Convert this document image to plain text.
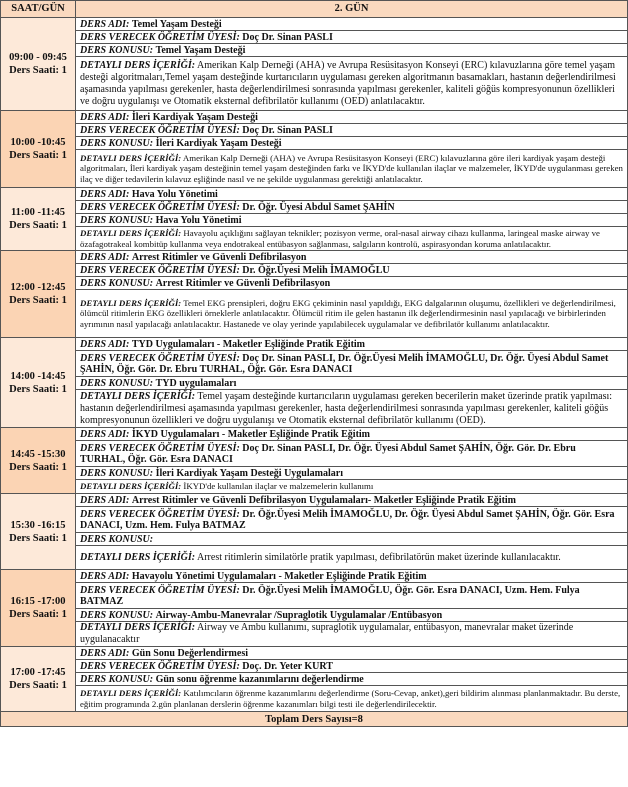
SAAT/GÜN	2. GÜN

09:00 - 09:45
Ders Saati: 1	DERS ADI: Temel Yaşam Desteği
	DERS VERECEK ÖĞRETİM ÜYESİ: Doç Dr. Sinan PASLI
	DERS KONUSU: Temel Yaşam Desteği
	DETAYLI DERS İÇERİĞİ: Amerikan Kalp Derneği (AHA) ve Avrupa Resüsitasyon Konseyi (ERC) kılavuzlarına göre temel yaşam desteği algoritmaları,Temel yaşam desteğinde kurtarıcıların uygulaması gereken algoritmanın basamakları, hastanın değerlendirilmesi aşamasında yapılması gerekenler, hasta değerlendirilmesi sonrasında yapılması gerekenler, kaliteli göğüs kompresyonunun özellikleri ve doğru uygulanışı ve Otomatik eksternal defibrilatör kullanımı (OED) anlatılacaktır.

10:00 -10:45
Ders Saati: 1	DERS ADI: İleri Kardiyak Yaşam Desteği
	DERS VERECEK ÖĞRETİM ÜYESİ: Doç Dr. Sinan PASLI
	DERS KONUSU: İleri Kardiyak Yaşam Desteği
	DETAYLI DERS İÇERİĞİ: Amerikan Kalp Derneği (AHA) ve Avrupa Resüsitasyon Konseyi (ERC) kılavuzlarına göre ileri kardiyak yaşam desteği algoritmaları, İleri kardiyak yaşam desteğinin temel yaşam desteğinden farkı ve İKYD'de kullanılan ilaçlar ve malzemeler, İKYD'de uygulanması gereken ilaç ve diğer tedavilerin kılavuz eşliğinde nasıl ve ne şekilde uygulanması gerektiği anlatılacaktır.

11:00 -11:45
Ders Saati: 1	DERS ADI: Hava Yolu Yönetimi
	DERS VERECEK ÖĞRETİM ÜYESİ: Dr. Öğr. Üyesi Abdul Samet ŞAHİN
	DERS KONUSU: Hava Yolu Yönetimi
	DETAYLI DERS İÇERİĞİ: Havayolu açıklığını sağlayan teknikler; pozisyon verme, oral-nasal airway cihazı kullanma, laringeal maske airway ve özafagotrakeal kombitüp kullanma veya endotrakeal entübasyon sağlanması, salgıların kontrolü, aspirasyondan koruma anlatılacaktır.

12:00 -12:45
Ders Saati: 1	DERS ADI: Arrest Ritimler ve Güvenli Defibrilasyon
	DERS VERECEK ÖĞRETİM ÜYESİ: Dr. Öğr.Üyesi Melih İMAMOĞLU
	DERS KONUSU: Arrest Ritimler ve Güvenli Defibrilasyon
	DETAYLI DERS İÇERİĞİ: Temel EKG prensipleri, doğru EKG çekiminin nasıl yapıldığı, EKG dalgalarının oluşumu, özellikleri ve değerlendirilmesi, ölümcül ritimlerin EKG özellikleri örneklerle anlatılacaktır. Ölümcül ritim ile gelen hastanın ilk değerlendirmesinin nasıl yapılacağı ve birbirlerinden ayrımının nasıl yapılacağı anlatılacaktır. Hastanede ve olay yerinde yapılabilecek uygulamalar ve defibrilatör kullanımı anlatılacaktır.

14:00 -14:45
Ders Saati: 1	DERS ADI: TYD Uygulamaları - Maketler Eşliğinde Pratik Eğitim
	DERS VERECEK ÖĞRETİM ÜYESİ: Doç Dr. Sinan PASLI, Dr. Öğr.Üyesi Melih İMAMOĞLU, Dr. Öğr. Üyesi Abdul Samet ŞAHİN, Öğr. Gör. Dr. Ebru TURHAL, Öğr. Gör. Esra DANACI
	DERS KONUSU: TYD uygulamaları
	DETAYLI DERS İÇERİĞİ: Temel yaşam desteğinde kurtarıcıların uygulaması gereken becerilerin maket üzerinde pratik yapılması: hastanın değerlendirilmesi aşamasında yapılması gerekenler, hasta değerlendirilmesi sonrasında yapılması gerekenler, kaliteli göğüs kompresyonunun özellikleri ve doğru uygulanışı ve Otomatik eksternal defibrilatör kullanımı (OED).

14:45 -15:30
Ders Saati: 1	DERS ADI: İKYD Uygulamaları - Maketler Eşliğinde Pratik Eğitim
	DERS VERECEK ÖĞRETİM ÜYESİ: Doç Dr. Sinan PASLI, Dr. Öğr. Üyesi Abdul Samet ŞAHİN, Öğr. Gör. Dr. Ebru TURHAL, Öğr. Gör. Esra DANACI
	DERS KONUSU: İleri Kardiyak Yaşam Desteği Uygulamaları
	DETAYLI DERS İÇERİĞİ: İKYD'de kullanılan ilaçlar ve malzemelerin kullanımı

15:30 -16:15
Ders Saati: 1	DERS ADI: Arrest Ritimler ve Güvenli Defibrilasyon Uygulamaları- Maketler Eşliğinde Pratik Eğitim
	DERS VERECEK ÖĞRETİM ÜYESİ: Dr. Öğr.Üyesi Melih İMAMOĞLU, Dr. Öğr. Üyesi Abdul Samet ŞAHİN, Öğr. Gör. Esra DANACI, Uzm. Hem. Fulya BATMAZ
	DERS KONUSU:
	DETAYLI DERS İÇERİĞİ: Arrest ritimlerin similatörle pratik yapılması, defibrilatörün maket üzerinde kullanılacaktır.

16:15 -17:00
Ders Saati: 1	DERS ADI: Havayolu Yönetimi Uygulamaları - Maketler Eşliğinde Pratik Eğitim
	DERS VERECEK ÖĞRETİM ÜYESİ: Dr. Öğr.Üyesi Melih İMAMOĞLU, Öğr. Gör. Esra DANACI, Uzm. Hem. Fulya BATMAZ
	DERS KONUSU: Airway-Ambu-Manevralar /Supraglotik Uygulamalar /Entübasyon
	DETAYLI DERS İÇERİĞİ: Airway ve Ambu kullanımı, supraglotik uygulamalar, entübasyon, manevralar maket üzerinde uygulanacaktır

17:00 -17:45
Ders Saati: 1	DERS ADI: Gün Sonu Değerlendirmesi
	DERS VERECEK ÖĞRETİM ÜYESİ: Doç. Dr. Yeter KURT
	DERS KONUSU: Gün sonu öğrenme kazanımlarını değerlendirme
	DETAYLI DERS İÇERİĞİ: Katılımcıların öğrenme kazanımlarını değerlendirme (Soru-Cevap, anket),geri bildirim alınması planlanmaktadır. Bu derste, eğitim programında 2.gün planlanan derslerin öğrenme kazanımları bilgi testi ile değerlendirilecektir.
Toplam Ders Sayısı=8	
